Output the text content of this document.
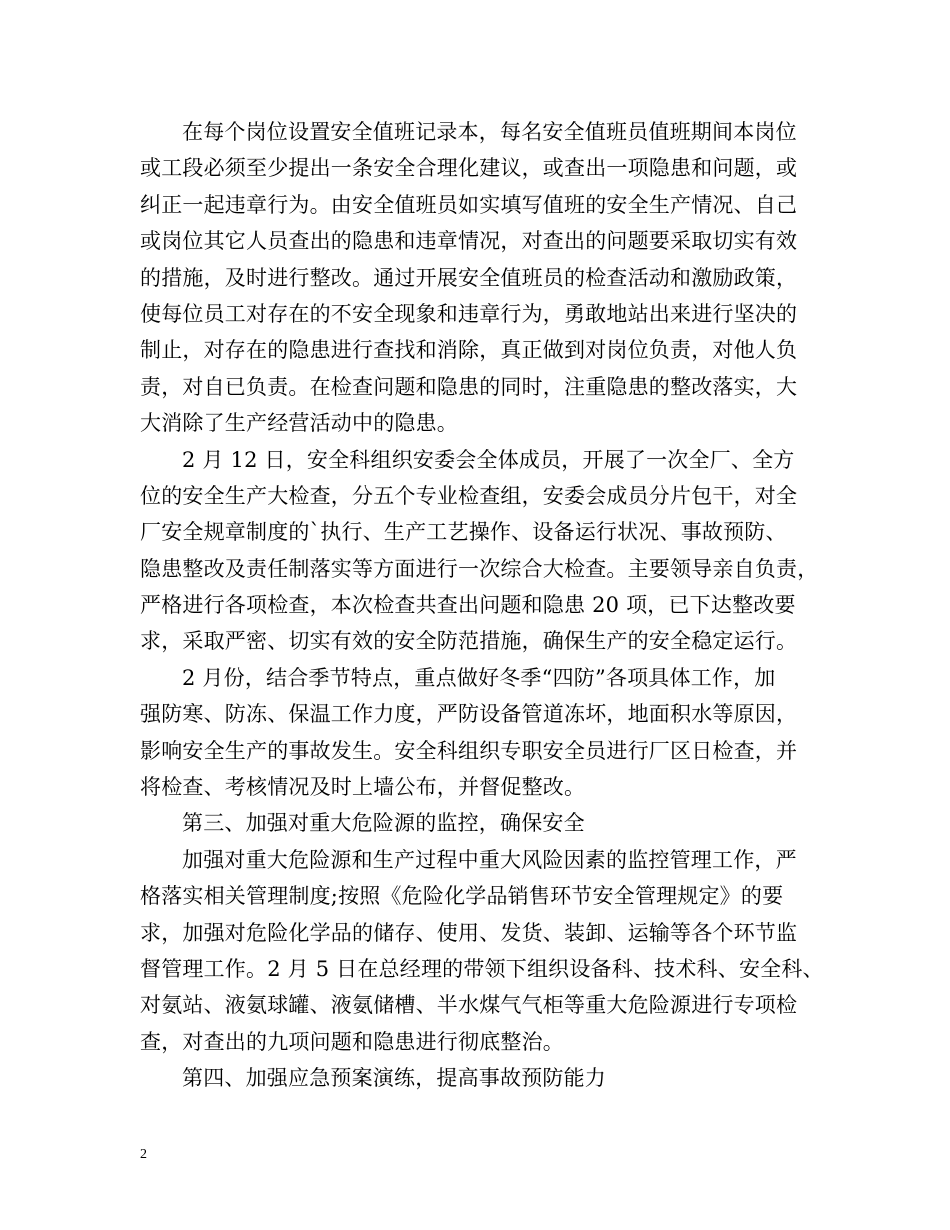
在每个岗位设置安全值班记录本，每名安全值班员值班期间本岗位
或工段必须至少提出一条安全合理化建议，或查出一项隐患和问题，或
纠正一起违章行为。由安全值班员如实填写值班的安全生产情况、自己
或岗位其它人员查出的隐患和违章情况，对查出的问题要采取切实有效
的措施，及时进行整改。通过开展安全值班员的检查活动和激励政策，
使每位员工对存在的不安全现象和违章行为，勇敢地站出来进行坚决的
制止，对存在的隐患进行查找和消除，真正做到对岗位负责，对他人负
责，对自已负责。在检查问题和隐患的同时，注重隐患的整改落实，大
大消除了生产经营活动中的隐患。
2 月 12 日，安全科组织安委会全体成员，开展了一次全厂、全方
位的安全生产大检查，分五个专业检查组，安委会成员分片包干，对全
厂安全规章制度的`执行、生产工艺操作、设备运行状况、事故预防、
隐患整改及责任制落实等方面进行一次综合大检查。主要领导亲自负责，
严格进行各项检查，本次检查共查出问题和隐患 20 项，已下达整改要
求，采取严密、切实有效的安全防范措施，确保生产的安全稳定运行。
2 月份，结合季节特点，重点做好冬季“四防”各项具体工作，加
强防寒、防冻、保温工作力度，严防设备管道冻坏，地面积水等原因，
影响安全生产的事故发生。安全科组织专职安全员进行厂区日检查，并
将检查、考核情况及时上墙公布，并督促整改。
第三、加强对重大危险源的监控，确保安全
加强对重大危险源和生产过程中重大风险因素的监控管理工作，严
格落实相关管理制度;按照《危险化学品销售环节安全管理规定》的要
求，加强对危险化学品的储存、使用、发货、装卸、运输等各个环节监
督管理工作。2 月 5 日在总经理的带领下组织设备科、技术科、安全科、
对氨站、液氨球罐、液氨储槽、半水煤气气柜等重大危险源进行专项检
查，对查出的九项问题和隐患进行彻底整治。
第四、加强应急预案演练，提高事故预防能力
2
